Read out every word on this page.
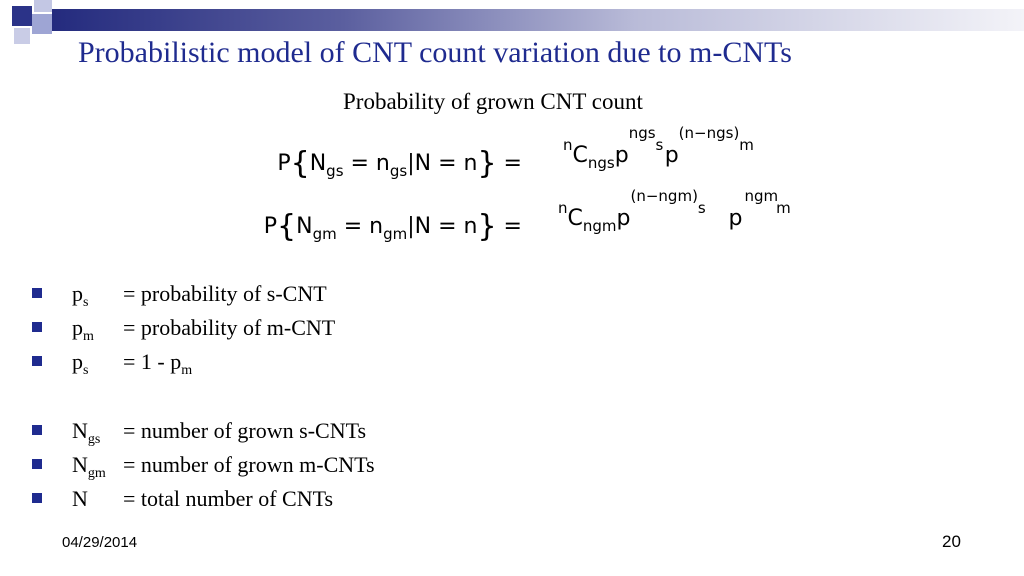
Probabilistic model of CNT count variation due to m-CNTs
Probability of grown CNT count
$P\{N_{gs} = n_{gs}|N = n\}$ =
$^nC_{ngs}p^{ngss}p^{(n-ngs)m}$
$P\{N_{gm} = n_{gm}|N = n\}$ =
$^nC_{ngm}p^{(n-ngm)s}$ $p^{ngmm}$
$p_s$ = probability of s-CNT
$p_m$ = probability of m-CNT
$p_s = 1 - p_m$
$N_{gs}$ = number of grown s-CNTs
$N_{gm}$ = number of grown m-CNTs
N = total number of CNTs
04/29/2014	20
